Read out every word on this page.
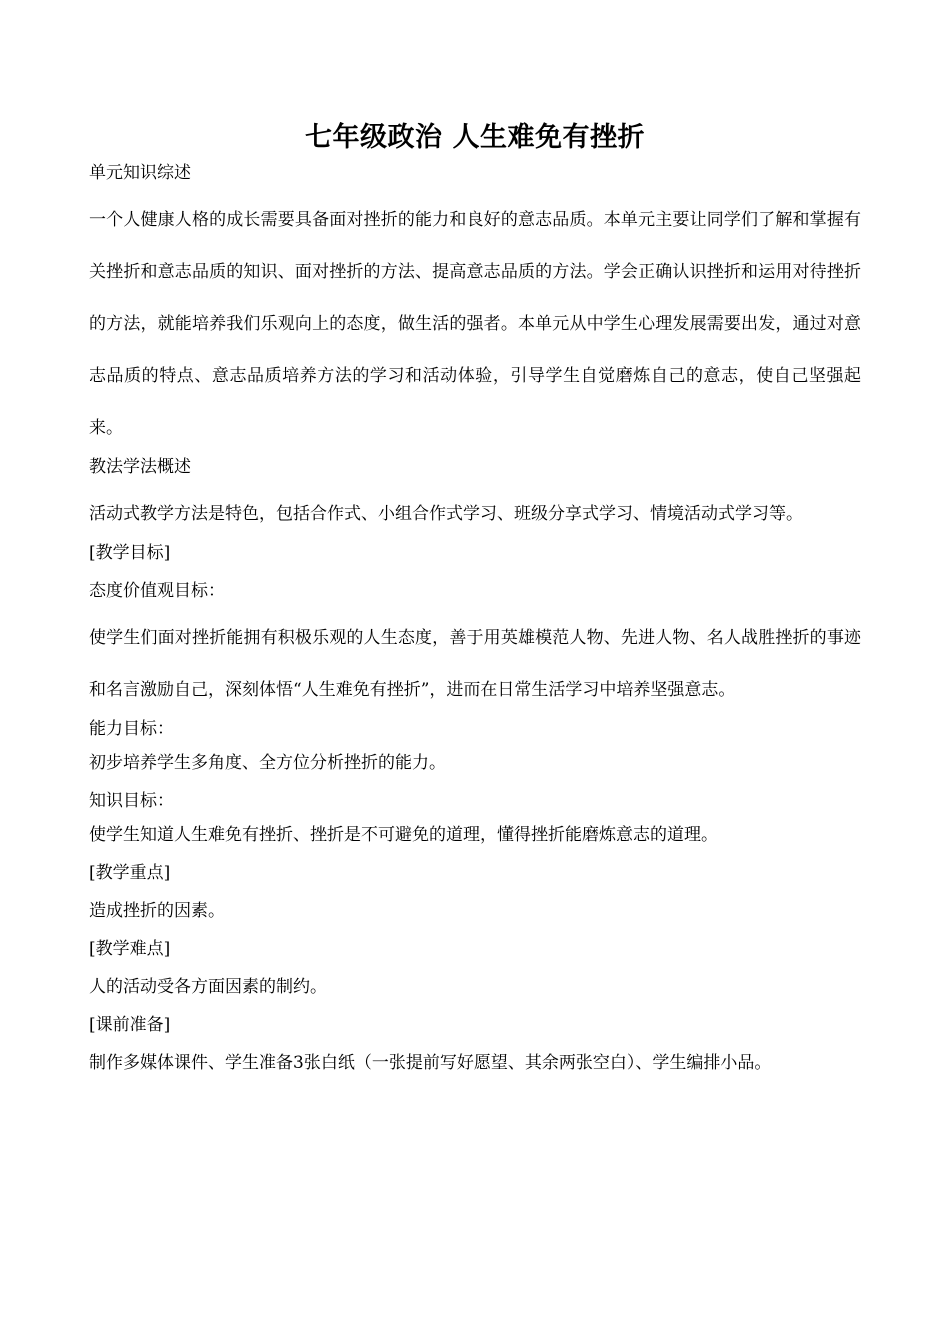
七年级政治 人生难免有挫折
单元知识综述
一个人健康人格的成长需要具备面对挫折的能力和良好的意志品质。本单元主要让同学们了解和掌握有关挫折和意志品质的知识、面对挫折的方法、提高意志品质的方法。学会正确认识挫折和运用对待挫折的方法，就能培养我们乐观向上的态度，做生活的强者。本单元从中学生心理发展需要出发，通过对意志品质的特点、意志品质培养方法的学习和活动体验，引导学生自觉磨炼自己的意志，使自己坚强起来。
教法学法概述
活动式教学方法是特色，包括合作式、小组合作式学习、班级分享式学习、情境活动式学习等。
[教学目标]
态度价值观目标：
使学生们面对挫折能拥有积极乐观的人生态度，善于用英雄模范人物、先进人物、名人战胜挫折的事迹和名言激励自己，深刻体悟“人生难免有挫折”，进而在日常生活学习中培养坚强意志。
能力目标：
初步培养学生多角度、全方位分析挫折的能力。
知识目标：
使学生知道人生难免有挫折、挫折是不可避免的道理，懂得挫折能磨炼意志的道理。
[教学重点]
造成挫折的因素。
[教学难点]
人的活动受各方面因素的制约。
[课前准备]
制作多媒体课件、学生准备3张白纸（一张提前写好愿望、其余两张空白）、学生编排小品。
